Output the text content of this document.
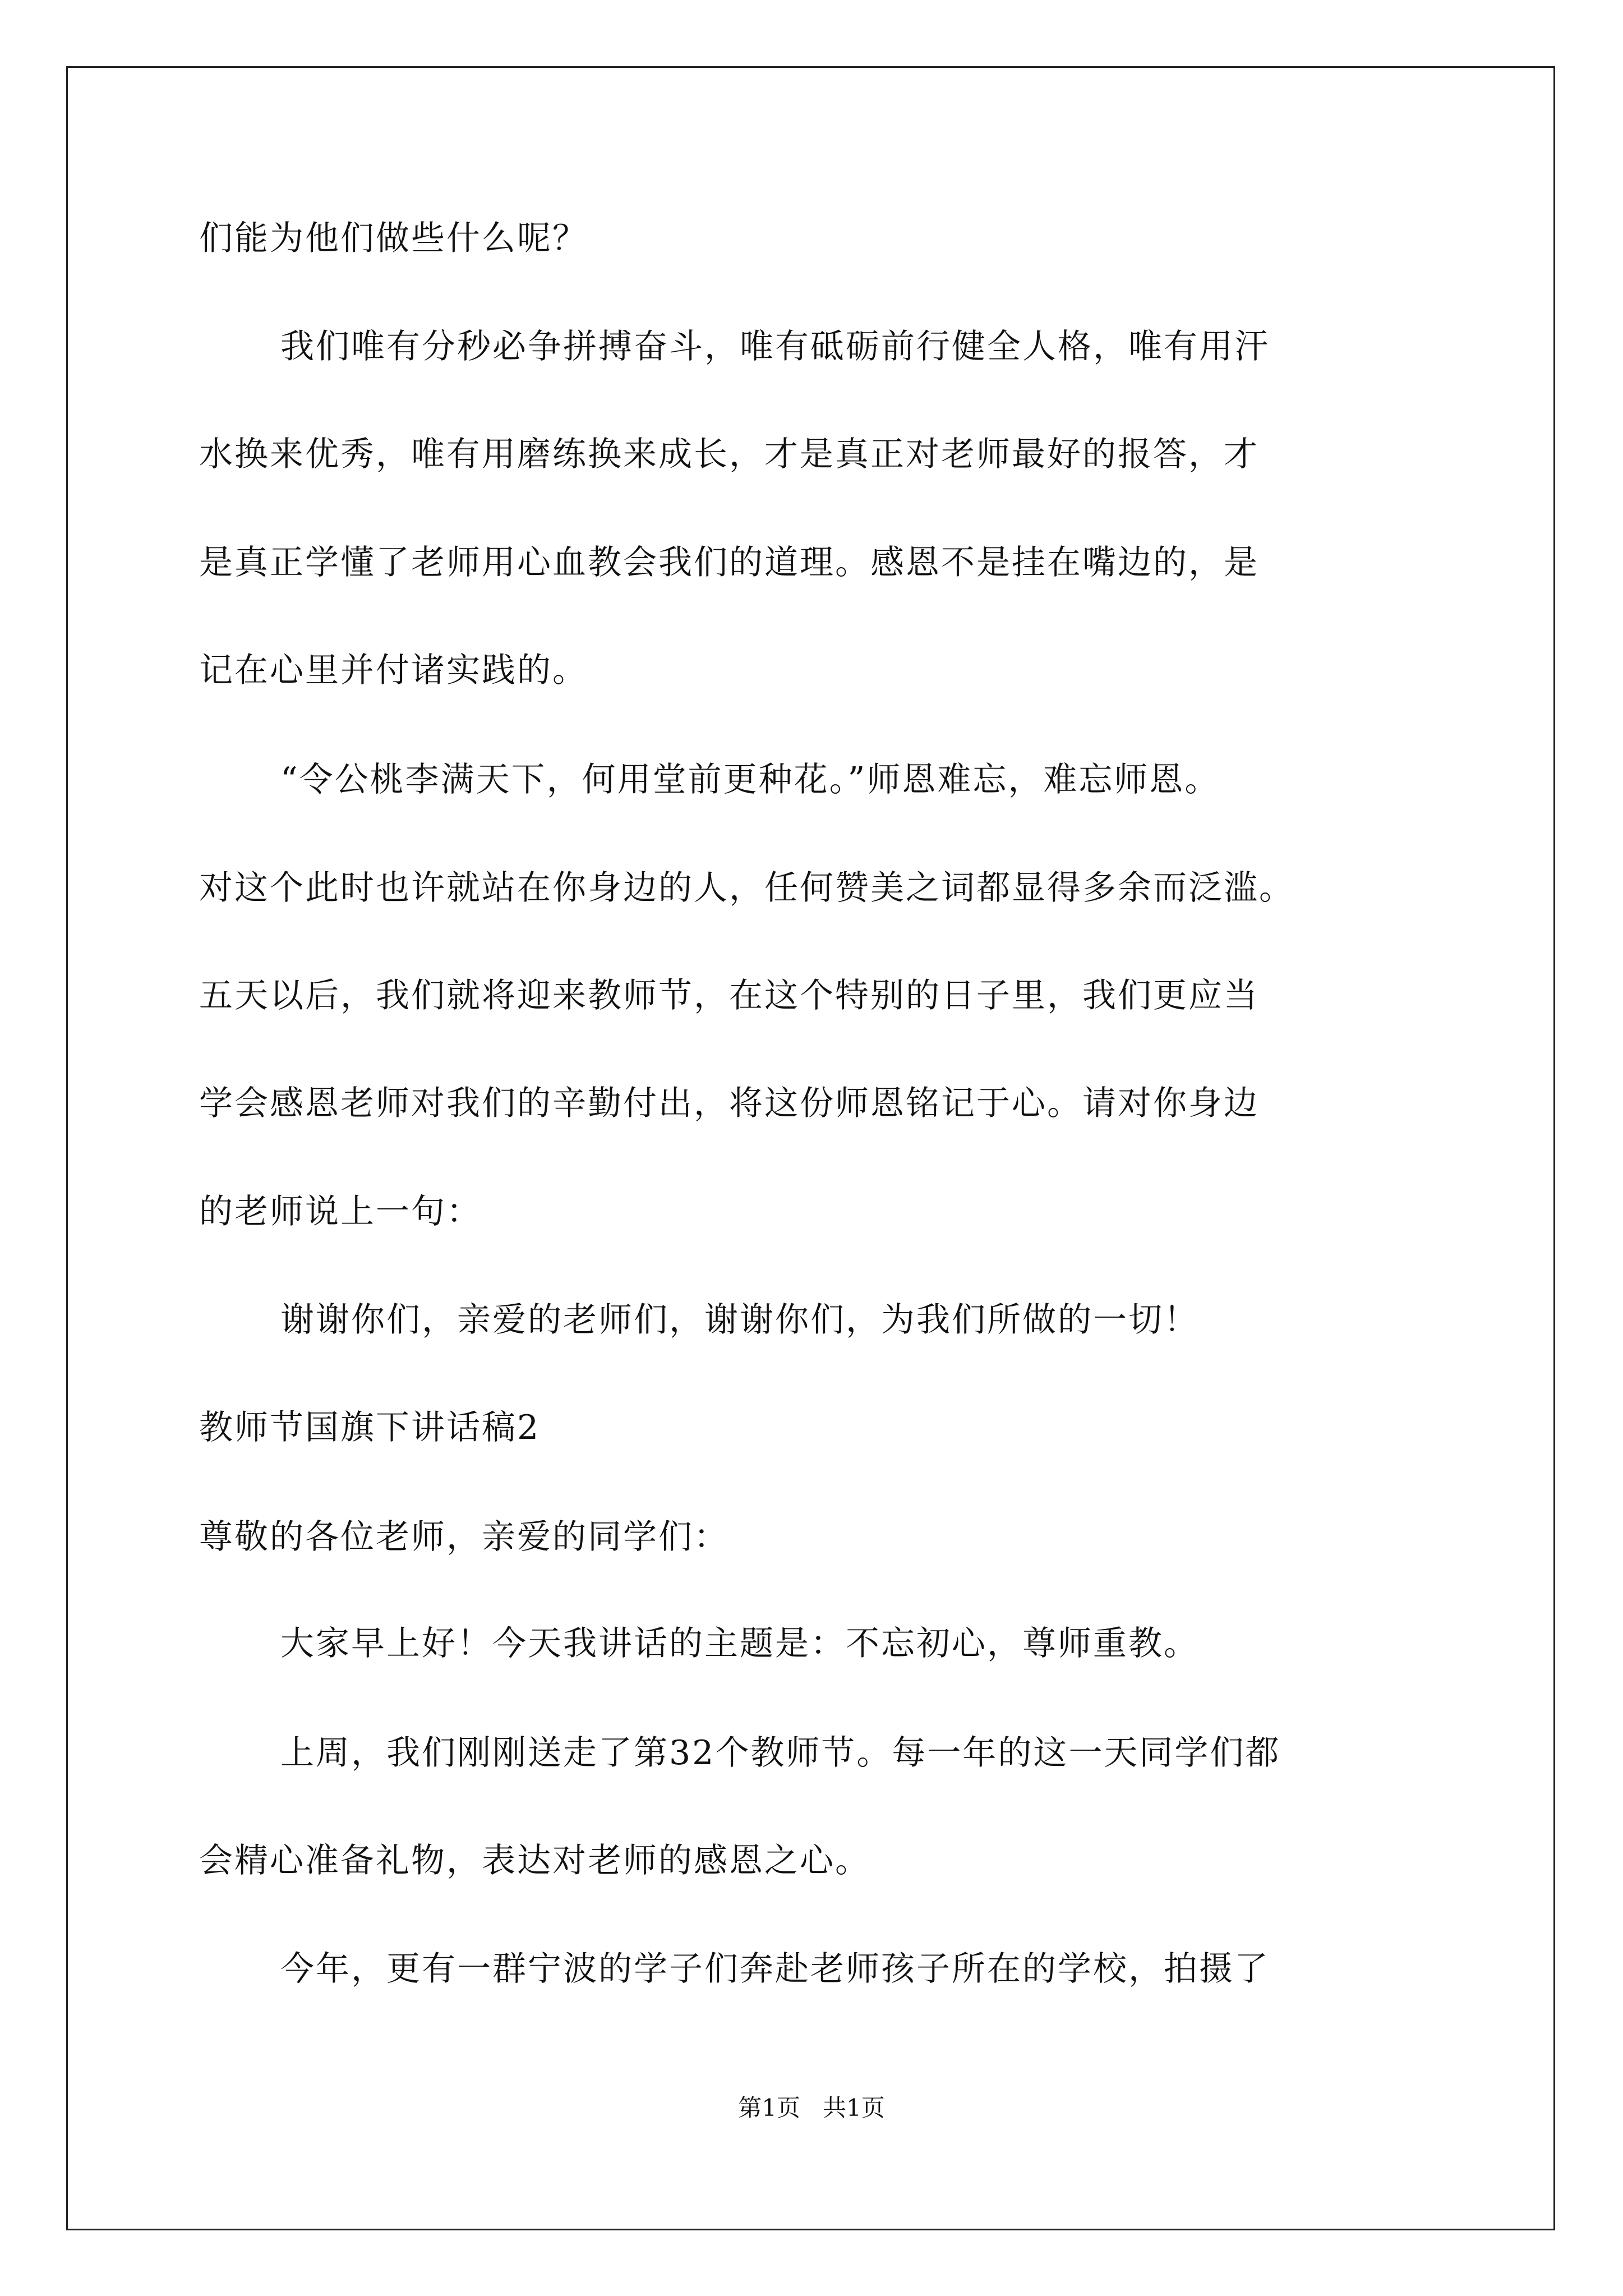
们能为他们做些什么呢？
我们唯有分秒必争拼搏奋斗，唯有砥砺前行健全人格，唯有用汗
水换来优秀，唯有用磨练换来成长，才是真正对老师最好的报答，才
是真正学懂了老师用心血教会我们的道理。感恩不是挂在嘴边的，是
记在心里并付诸实践的。
“令公桃李满天下，何用堂前更种花。”师恩难忘，难忘师恩。
对这个此时也许就站在你身边的人，任何赞美之词都显得多余而泛滥。
五天以后，我们就将迎来教师节，在这个特别的日子里，我们更应当
学会感恩老师对我们的辛勤付出，将这份师恩铭记于心。请对你身边
的老师说上一句：
谢谢你们，亲爱的老师们，谢谢你们，为我们所做的一切！
教师节国旗下讲话稿2
尊敬的各位老师，亲爱的同学们：
大家早上好！今天我讲话的主题是：不忘初心，尊师重教。
上周，我们刚刚送走了第32个教师节。每一年的这一天同学们都
会精心准备礼物，表达对老师的感恩之心。
今年，更有一群宁波的学子们奔赴老师孩子所在的学校，拍摄了
第1页   共1页
